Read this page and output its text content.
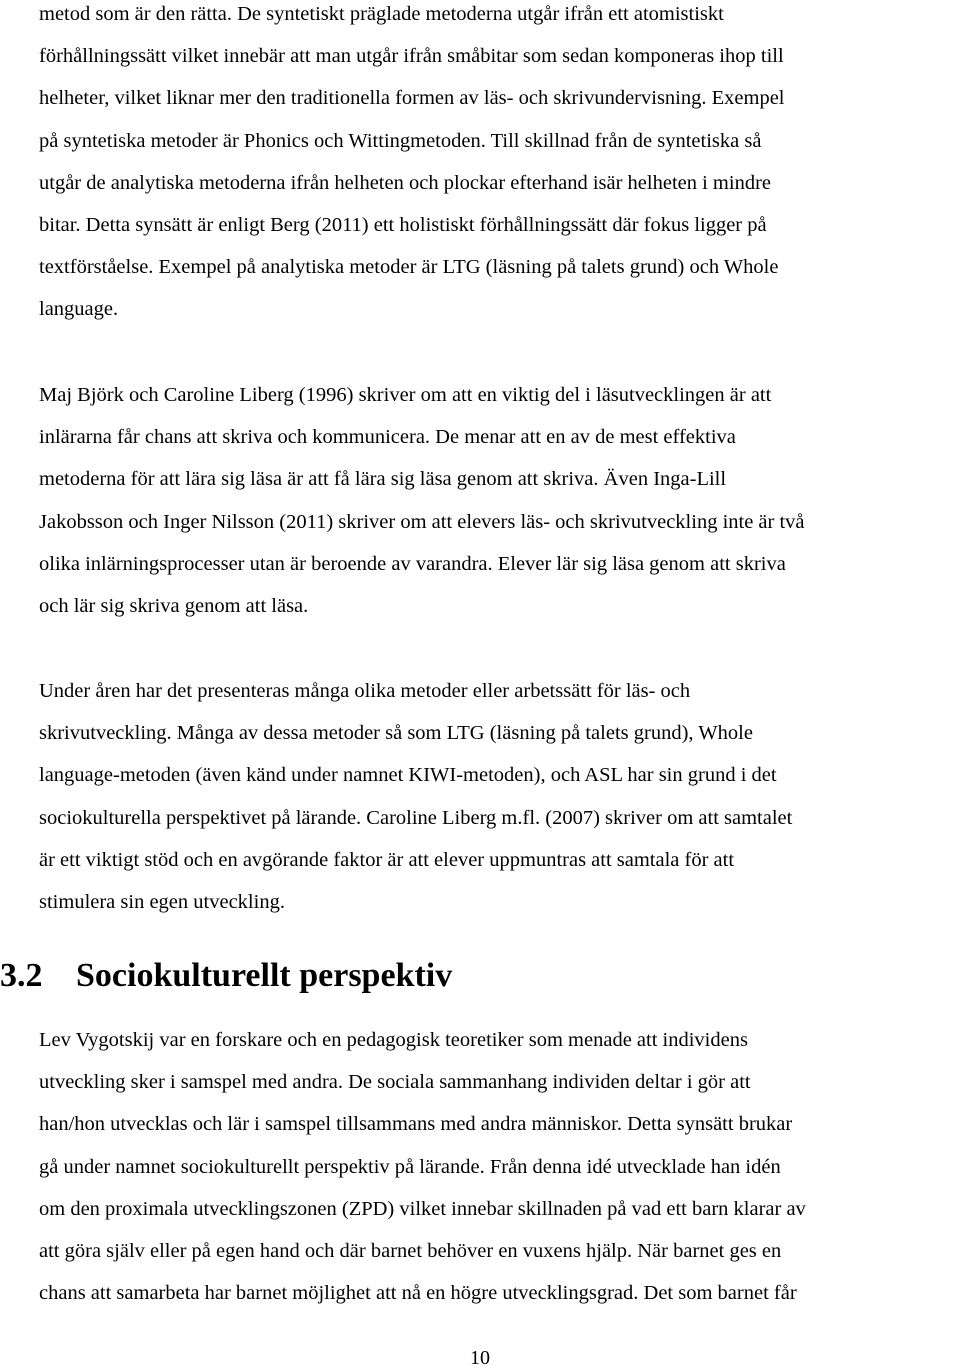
metod som är den rätta. De syntetiskt präglade metoderna utgår ifrån ett atomistiskt
förhållningssätt vilket innebär att man utgår ifrån småbitar som sedan komponeras ihop till
helheter, vilket liknar mer den traditionella formen av läs- och skrivundervisning. Exempel
på syntetiska metoder är Phonics och Wittingmetoden. Till skillnad från de syntetiska så
utgår de analytiska metoderna ifrån helheten och plockar efterhand isär helheten i mindre
bitar. Detta synsätt är enligt Berg (2011) ett holistiskt förhållningssätt där fokus ligger på
textförståelse. Exempel på analytiska metoder är LTG (läsning på talets grund) och Whole
language.
Maj Björk och Caroline Liberg (1996) skriver om att en viktig del i läsutvecklingen är att
inlärarna får chans att skriva och kommunicera. De menar att en av de mest effektiva
metoderna för att lära sig läsa är att få lära sig läsa genom att skriva. Även Inga-Lill
Jakobsson och Inger Nilsson (2011) skriver om att elevers läs- och skrivutveckling inte är två
olika inlärningsprocesser utan är beroende av varandra. Elever lär sig läsa genom att skriva
och lär sig skriva genom att läsa.
Under åren har det presenteras många olika metoder eller arbetssätt för läs- och
skrivutveckling. Många av dessa metoder så som LTG (läsning på talets grund), Whole
language-metoden (även känd under namnet KIWI-metoden), och ASL har sin grund i det
sociokulturella perspektivet på lärande. Caroline Liberg m.fl. (2007) skriver om att samtalet
är ett viktigt stöd och en avgörande faktor är att elever uppmuntras att samtala för att
stimulera sin egen utveckling.
3.2 Sociokulturellt perspektiv
Lev Vygotskij var en forskare och en pedagogisk teoretiker som menade att individens
utveckling sker i samspel med andra. De sociala sammanhang individen deltar i gör att
han/hon utvecklas och lär i samspel tillsammans med andra människor. Detta synsätt brukar
gå under namnet sociokulturellt perspektiv på lärande. Från denna idé utvecklade han idén
om den proximala utvecklingszonen (ZPD) vilket innebar skillnaden på vad ett barn klarar av
att göra själv eller på egen hand och där barnet behöver en vuxens hjälp. När barnet ges en
chans att samarbeta har barnet möjlighet att nå en högre utvecklingsgrad. Det som barnet får
10
